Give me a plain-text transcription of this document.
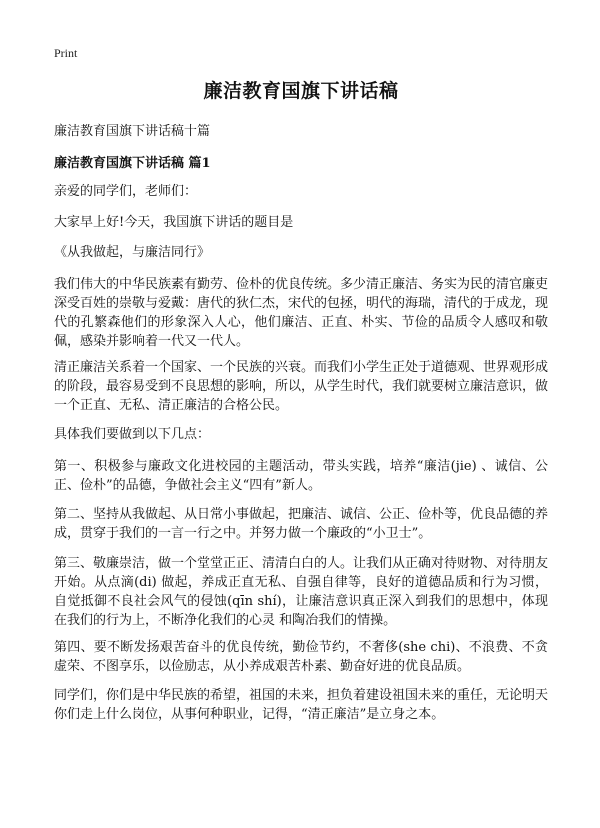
Print
廉洁教育国旗下讲话稿

廉洁教育国旗下讲话稿十篇

廉洁教育国旗下讲话稿 篇1

亲爱的同学们，老师们：

大家早上好!今天，我国旗下讲话的题目是

《从我做起，与廉洁同行》

我们伟大的中华民族素有勤劳、俭朴的优良传统。多少清正廉洁、务实为民的清官廉吏深受百姓的崇敬与爱戴：唐代的狄仁杰，宋代的包拯，明代的海瑞，清代的于成龙，现代的孔繁森他们的形象深入人心，他们廉洁、正直、朴实、节俭的品质令人感叹和敬佩，感染并影响着一代又一代人。

清正廉洁关系着一个国家、一个民族的兴衰。而我们小学生正处于道德观、世界观形成的阶段，最容易受到不良思想的影响，所以，从学生时代，我们就要树立廉洁意识，做一个正直、无私、清正廉洁的合格公民。

具体我们要做到以下几点：

第一、积极参与廉政文化进校园的主题活动，带头实践，培养“廉洁(jie) 、诚信、公正、俭朴”的品德，争做社会主义“四有”新人。

第二、坚持从我做起、从日常小事做起，把廉洁、诚信、公正、俭朴等，优良品德的养成，贯穿于我们的一言一行之中。并努力做一个廉政的“小卫士”。

第三、敬廉崇洁，做一个堂堂正正、清清白白的人。让我们从正确对待财物、对待朋友开始。从点滴(di) 做起，养成正直无私、自强自律等，良好的道德品质和行为习惯，自觉抵御不良社会风气的侵蚀(qīn shí)，让廉洁意识真正深入到我们的思想中，体现在我们的行为上，不断净化我们的心灵 和陶冶我们的情操。

第四、要不断发扬艰苦奋斗的优良传统，勤俭节约，不奢侈(she chi)、不浪费、不贪虚荣、不图享乐，以俭励志，从小养成艰苦朴素、勤奋好进的优良品质。

同学们，你们是中华民族的希望，祖国的未来，担负着建设祖国未来的重任，无论明天你们走上什么岗位，从事何种职业，记得，“清正廉洁”是立身之本。
